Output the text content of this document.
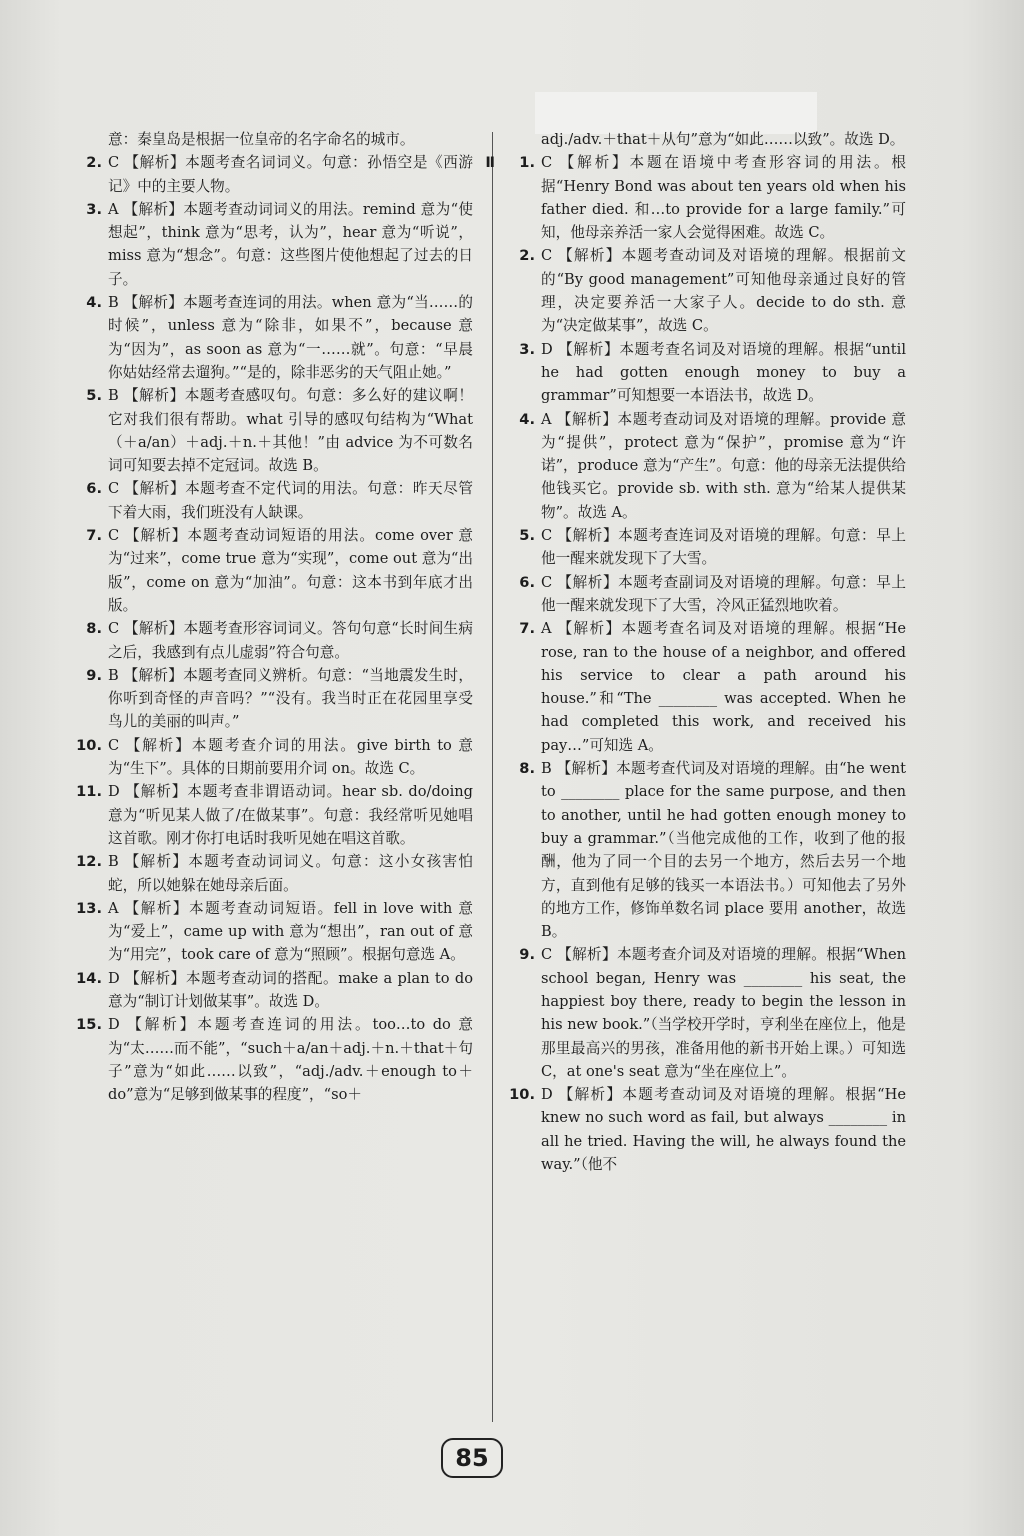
意：秦皇岛是根据一位皇帝的名字命名的城市。
2. C 【解析】本题考查名词词义。句意：孙悟空是《西游记》中的主要人物。
3. A 【解析】本题考查动词词义的用法。remind 意为“使想起”，think 意为“思考，认为”，hear 意为“听说”，miss 意为“想念”。句意：这些图片使他想起了过去的日子。
4. B 【解析】本题考查连词的用法。when 意为“当……的时候”，unless 意为“除非，如果不”，because 意为“因为”，as soon as 意为“一……就”。句意：“早晨你姑姑经常去遛狗。”“是的，除非恶劣的天气阻止她。”
5. B 【解析】本题考查感叹句。句意：多么好的建议啊！它对我们很有帮助。what 引导的感叹句结构为“What （＋a/an）＋adj.＋n.＋其他！”由 advice 为不可数名词可知要去掉不定冠词。故选 B。
6. C 【解析】本题考查不定代词的用法。句意：昨天尽管下着大雨，我们班没有人缺课。
7. C 【解析】本题考查动词短语的用法。come over 意为“过来”，come true 意为“实现”，come out 意为“出版”，come on 意为“加油”。句意：这本书到年底才出版。
8. C 【解析】本题考查形容词词义。答句句意“长时间生病之后，我感到有点儿虚弱”符合句意。
9. B 【解析】本题考查同义辨析。句意：“当地震发生时，你听到奇怪的声音吗？”“没有。我当时正在花园里享受鸟儿的美丽的叫声。”
10. C 【解析】本题考查介词的用法。give birth to 意为“生下”。具体的日期前要用介词 on。故选 C。
11. D 【解析】本题考查非谓语动词。hear sb. do/doing 意为“听见某人做了/在做某事”。句意：我经常听见她唱这首歌。刚才你打电话时我听见她在唱这首歌。
12. B 【解析】本题考查动词词义。句意：这小女孩害怕蛇，所以她躲在她母亲后面。
13. A 【解析】本题考查动词短语。fell in love with 意为“爱上”，came up with 意为“想出”，ran out of 意为“用完”，took care of 意为“照顾”。根据句意选 A。
14. D 【解析】本题考查动词的搭配。make a plan to do 意为“制订计划做某事”。故选 D。
15. D 【解析】本题考查连词的用法。too…to do 意为“太……而不能”，“such＋a/an＋adj.＋n.＋that＋句子”意为“如此……以致”，“adj./adv.＋enough to＋do”意为“足够到做某事的程度”，“so＋
adj./adv.＋that＋从句”意为“如此……以致”。故选 D。
Ⅱ	1. C 【解析】本题在语境中考查形容词的用法。根据“Henry Bond was about ten years old when his father died. 和…to provide for a large family.”可知，他母亲养活一家人会觉得困难。故选 C。
2. C 【解析】本题考查动词及对语境的理解。根据前文的“By good management”可知他母亲通过良好的管理，决定要养活一大家子人。decide to do sth. 意为“决定做某事”，故选 C。
3. D 【解析】本题考查名词及对语境的理解。根据“until he had gotten enough money to buy a grammar”可知想要一本语法书，故选 D。
4. A 【解析】本题考查动词及对语境的理解。provide 意为“提供”，protect 意为“保护”，promise 意为“许诺”，produce 意为“产生”。句意：他的母亲无法提供给他钱买它。provide sb. with sth. 意为“给某人提供某物”。故选 A。
5. C 【解析】本题考查连词及对语境的理解。句意：早上他一醒来就发现下了大雪。
6. C 【解析】本题考查副词及对语境的理解。句意：早上他一醒来就发现下了大雪，冷风正猛烈地吹着。
7. A 【解析】本题考查名词及对语境的理解。根据“He rose, ran to the house of a neighbor, and offered his service to clear a path around his house.”和“The ________ was accepted. When he had completed this work, and received his pay…”可知选 A。
8. B 【解析】本题考查代词及对语境的理解。由“he went to ________ place for the same purpose, and then to another, until he had gotten enough money to buy a grammar.”（当他完成他的工作，收到了他的报酬，他为了同一个目的去另一个地方，然后去另一个地方，直到他有足够的钱买一本语法书。）可知他去了另外的地方工作，修饰单数名词 place 要用 another，故选 B。
9. C 【解析】本题考查介词及对语境的理解。根据“When school began, Henry was ________ his seat, the happiest boy there, ready to begin the lesson in his new book.”（当学校开学时，亨利坐在座位上，他是那里最高兴的男孩，准备用他的新书开始上课。）可知选 C，at one's seat 意为“坐在座位上”。
10. D 【解析】本题考查动词及对语境的理解。根据“He knew no such word as fail, but always ________ in all he tried. Having the will, he always found the way.”（他不
85
